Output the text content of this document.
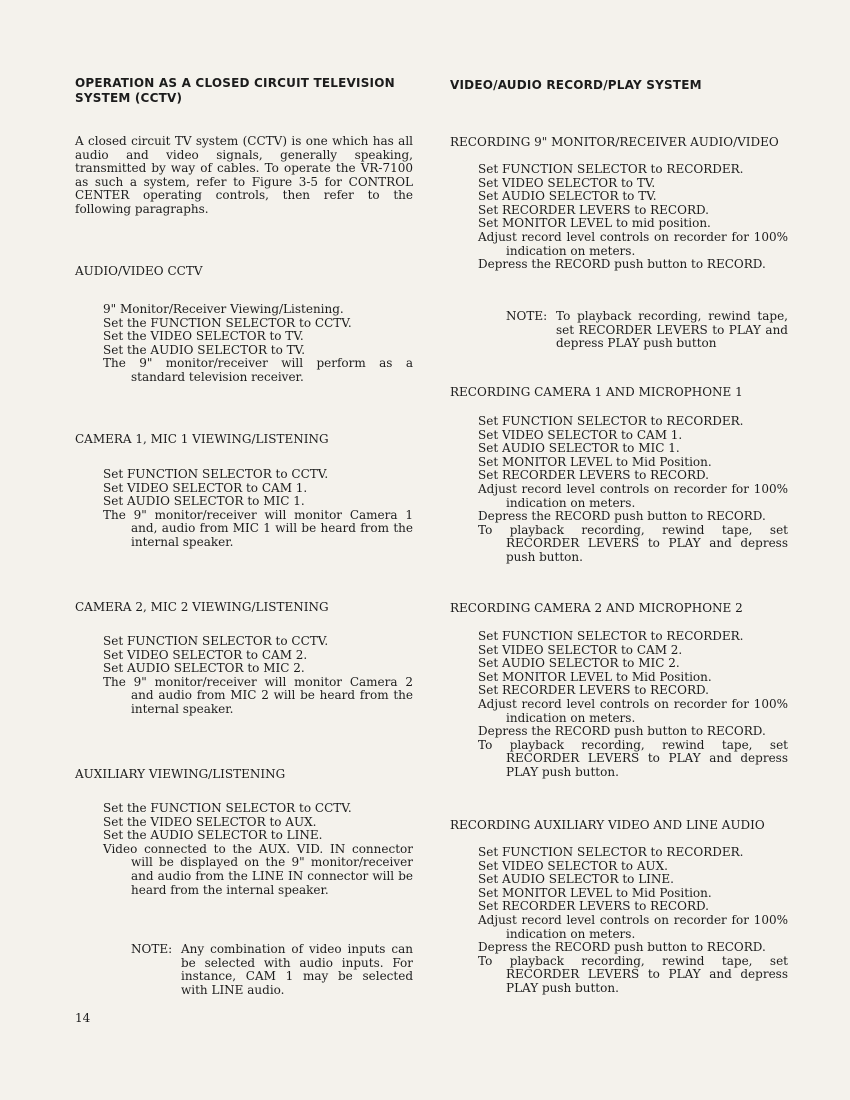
OPERATION AS A CLOSED CIRCUIT TELEVISION SYSTEM (CCTV)
A closed circuit TV system (CCTV) is one which has all audio and video signals, generally speaking, transmitted by way of cables. To operate the VR-7100 as such a system, refer to Figure 3-5 for CONTROL CENTER operating controls, then refer to the following paragraphs.
AUDIO/VIDEO CCTV
9" Monitor/Receiver Viewing/Listening.
Set the FUNCTION SELECTOR to CCTV.
Set the VIDEO SELECTOR to TV.
Set the AUDIO SELECTOR to TV.
The 9" monitor/receiver will perform as a standard television receiver.
CAMERA 1, MIC 1 VIEWING/LISTENING
Set FUNCTION SELECTOR to CCTV.
Set VIDEO SELECTOR to CAM 1.
Set AUDIO SELECTOR to MIC 1.
The 9" monitor/receiver will monitor Camera 1 and, audio from MIC 1 will be heard from the internal speaker.
CAMERA 2, MIC 2 VIEWING/LISTENING
Set FUNCTION SELECTOR to CCTV.
Set VIDEO SELECTOR to CAM 2.
Set AUDIO SELECTOR to MIC 2.
The 9" monitor/receiver will monitor Camera 2 and audio from MIC 2 will be heard from the internal speaker.
AUXILIARY VIEWING/LISTENING
Set the FUNCTION SELECTOR to CCTV.
Set the VIDEO SELECTOR to AUX.
Set the AUDIO SELECTOR to LINE.
Video connected to the AUX. VID. IN connector will be displayed on the 9" monitor/receiver and audio from the LINE IN connector will be heard from the internal speaker.
NOTE: Any combination of video inputs can be selected with audio inputs. For instance, CAM 1 may be selected with LINE audio.
VIDEO/AUDIO RECORD/PLAY SYSTEM
RECORDING 9" MONITOR/RECEIVER AUDIO/VIDEO
Set FUNCTION SELECTOR to RECORDER.
Set VIDEO SELECTOR to TV.
Set AUDIO SELECTOR to TV.
Set RECORDER LEVERS to RECORD.
Set MONITOR LEVEL to mid position.
Adjust record level controls on recorder for 100% indication on meters.
Depress the RECORD push button to RECORD.
NOTE: To playback recording, rewind tape, set RECORDER LEVERS to PLAY and depress PLAY push button
RECORDING CAMERA 1 AND MICROPHONE 1
Set FUNCTION SELECTOR to RECORDER.
Set VIDEO SELECTOR to CAM 1.
Set AUDIO SELECTOR to MIC 1.
Set MONITOR LEVEL to Mid Position.
Set RECORDER LEVERS to RECORD.
Adjust record level controls on recorder for 100% indication on meters.
Depress the RECORD push button to RECORD.
To playback recording, rewind tape, set RECORDER LEVERS to PLAY and depress push button.
RECORDING CAMERA 2 AND MICROPHONE 2
Set FUNCTION SELECTOR to RECORDER.
Set VIDEO SELECTOR to CAM 2.
Set AUDIO SELECTOR to MIC 2.
Set MONITOR LEVEL to Mid Position.
Set RECORDER LEVERS to RECORD.
Adjust record level controls on recorder for 100% indication on meters.
Depress the RECORD push button to RECORD.
To playback recording, rewind tape, set RECORDER LEVERS to PLAY and depress PLAY push button.
RECORDING AUXILIARY VIDEO AND LINE AUDIO
Set FUNCTION SELECTOR to RECORDER.
Set VIDEO SELECTOR to AUX.
Set AUDIO SELECTOR to LINE.
Set MONITOR LEVEL to Mid Position.
Set RECORDER LEVERS to RECORD.
Adjust record level controls on recorder for 100% indication on meters.
Depress the RECORD push button to RECORD.
To playback recording, rewind tape, set RECORDER LEVERS to PLAY and depress PLAY push button.
14
